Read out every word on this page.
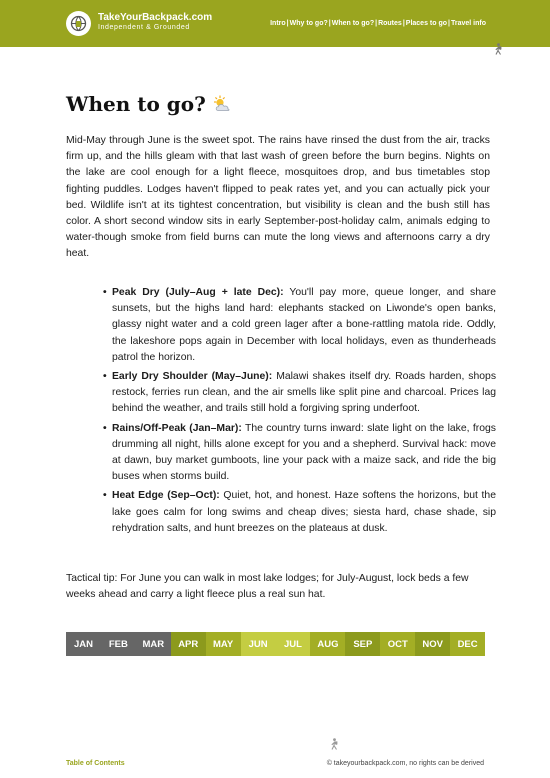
TakeYourBackpack.com
Independent & Grounded
Intro | Why to go? | When to go? | Routes | Places to go | Travel info
When to go?

Mid-May through June is the sweet spot. The rains have rinsed the dust from the air, tracks firm up, and the hills gleam with that last wash of green before the burn begins. Nights on the lake are cool enough for a light fleece, mosquitoes drop, and bus timetables stop fighting puddles. Lodges haven't flipped to peak rates yet, and you can actually pick your bed. Wildlife isn't at its tightest concentration, but visibility is clean and the bush still has color. A short second window sits in early September-post-holiday calm, animals edging to water-though smoke from field burns can mute the long views and afternoons carry a dry heat.

• Peak Dry (July–Aug + late Dec): You'll pay more, queue longer, and share sunsets, but the highs land hard: elephants stacked on Liwonde's open banks, glassy night water and a cold green lager after a bone-rattling matola ride. Oddly, the lakeshore pops again in December with local holidays, even as thunderheads patrol the horizon.
• Early Dry Shoulder (May–June): Malawi shakes itself dry. Roads harden, shops restock, ferries run clean, and the air smells like split pine and charcoal. Prices lag behind the weather, and trails still hold a forgiving spring underfoot.
• Rains/Off-Peak (Jan–Mar): The country turns inward: slate light on the lake, frogs drumming all night, hills alone except for you and a shepherd. Survival hack: move at dawn, buy market gumboots, line your pack with a maize sack, and ride the big buses when storms build.
• Heat Edge (Sep–Oct): Quiet, hot, and honest. Haze softens the horizons, but the lake goes calm for long swims and cheap dives; siesta hard, chase shade, sip rehydration salts, and hunt breezes on the plateaus at dusk.

Tactical tip: For June you can walk in most lake lodges; for July-August, lock beds a few weeks ahead and carry a light fleece plus a real sun hat.

JAN	FEB	MAR	APR	MAY	JUN	JUL	AUG	SEP	OCT	NOV	DEC
Table of Contents	© takeyourbackpack.com, no rights can be derived
